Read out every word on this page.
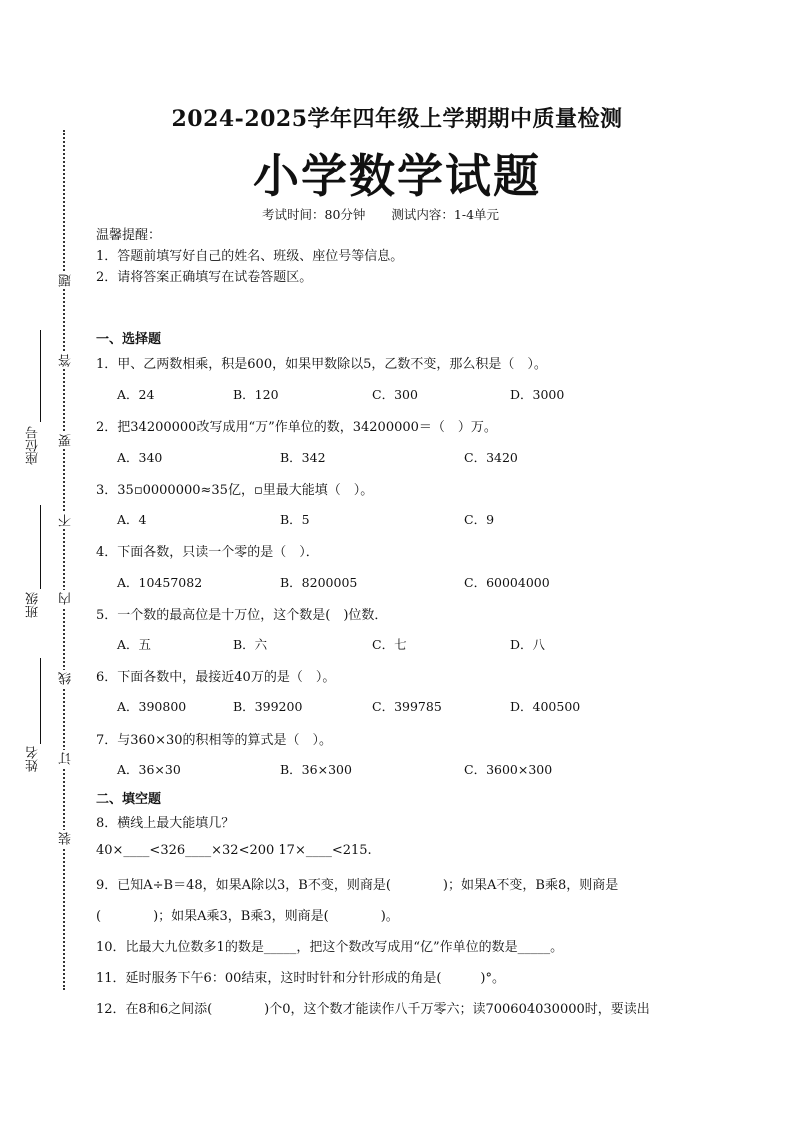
题
答
要
不
内
线
订
装
座位号
班级
姓名
2024-2025学年四年级上学期期中质量检测
小学数学试题
考试时间：80分钟 测试内容：1-4单元
温馨提醒：
1．答题前填写好自己的姓名、班级、座位号等信息。
2．请将答案正确填写在试卷答题区。
一、选择题
1．甲、乙两数相乘，积是600，如果甲数除以5，乙数不变，那么积是（　）。
A．24	B．120	C．300	D．3000
2．把34200000改写成用“万”作单位的数，34200000＝（　）万。
A．340	B．342	C．3420
3．35▫0000000≈35亿，▫里最大能填（　）。
A．4	B．5	C．9
4．下面各数，只读一个零的是（　）．
A．10457082	B．8200005	C．60004000
5．一个数的最高位是十万位，这个数是(　)位数．
A．五	B．六	C．七	D．八
6．下面各数中，最接近40万的是（　）。
A．390800	B．399200	C．399785	D．400500
7．与360×30的积相等的算式是（　）。
A．36×30	B．36×300	C．3600×300
二、填空题
8．横线上最大能填几？
40×____<326____×32<200 17×____<215.
9．已知A÷B＝48，如果A除以3，B不变，则商是(　　　　)；如果A不变，B乘8，则商是
(　　　　)；如果A乘3，B乘3，则商是(　　　　)。
10．比最大九位数多1的数是_____，把这个数改写成用“亿”作单位的数是_____。
11．延时服务下午6：00结束，这时时针和分针形成的角是(　　　)°。
12．在8和6之间添(　　　　)个0，这个数才能读作八千万零六；读700604030000时，要读出
